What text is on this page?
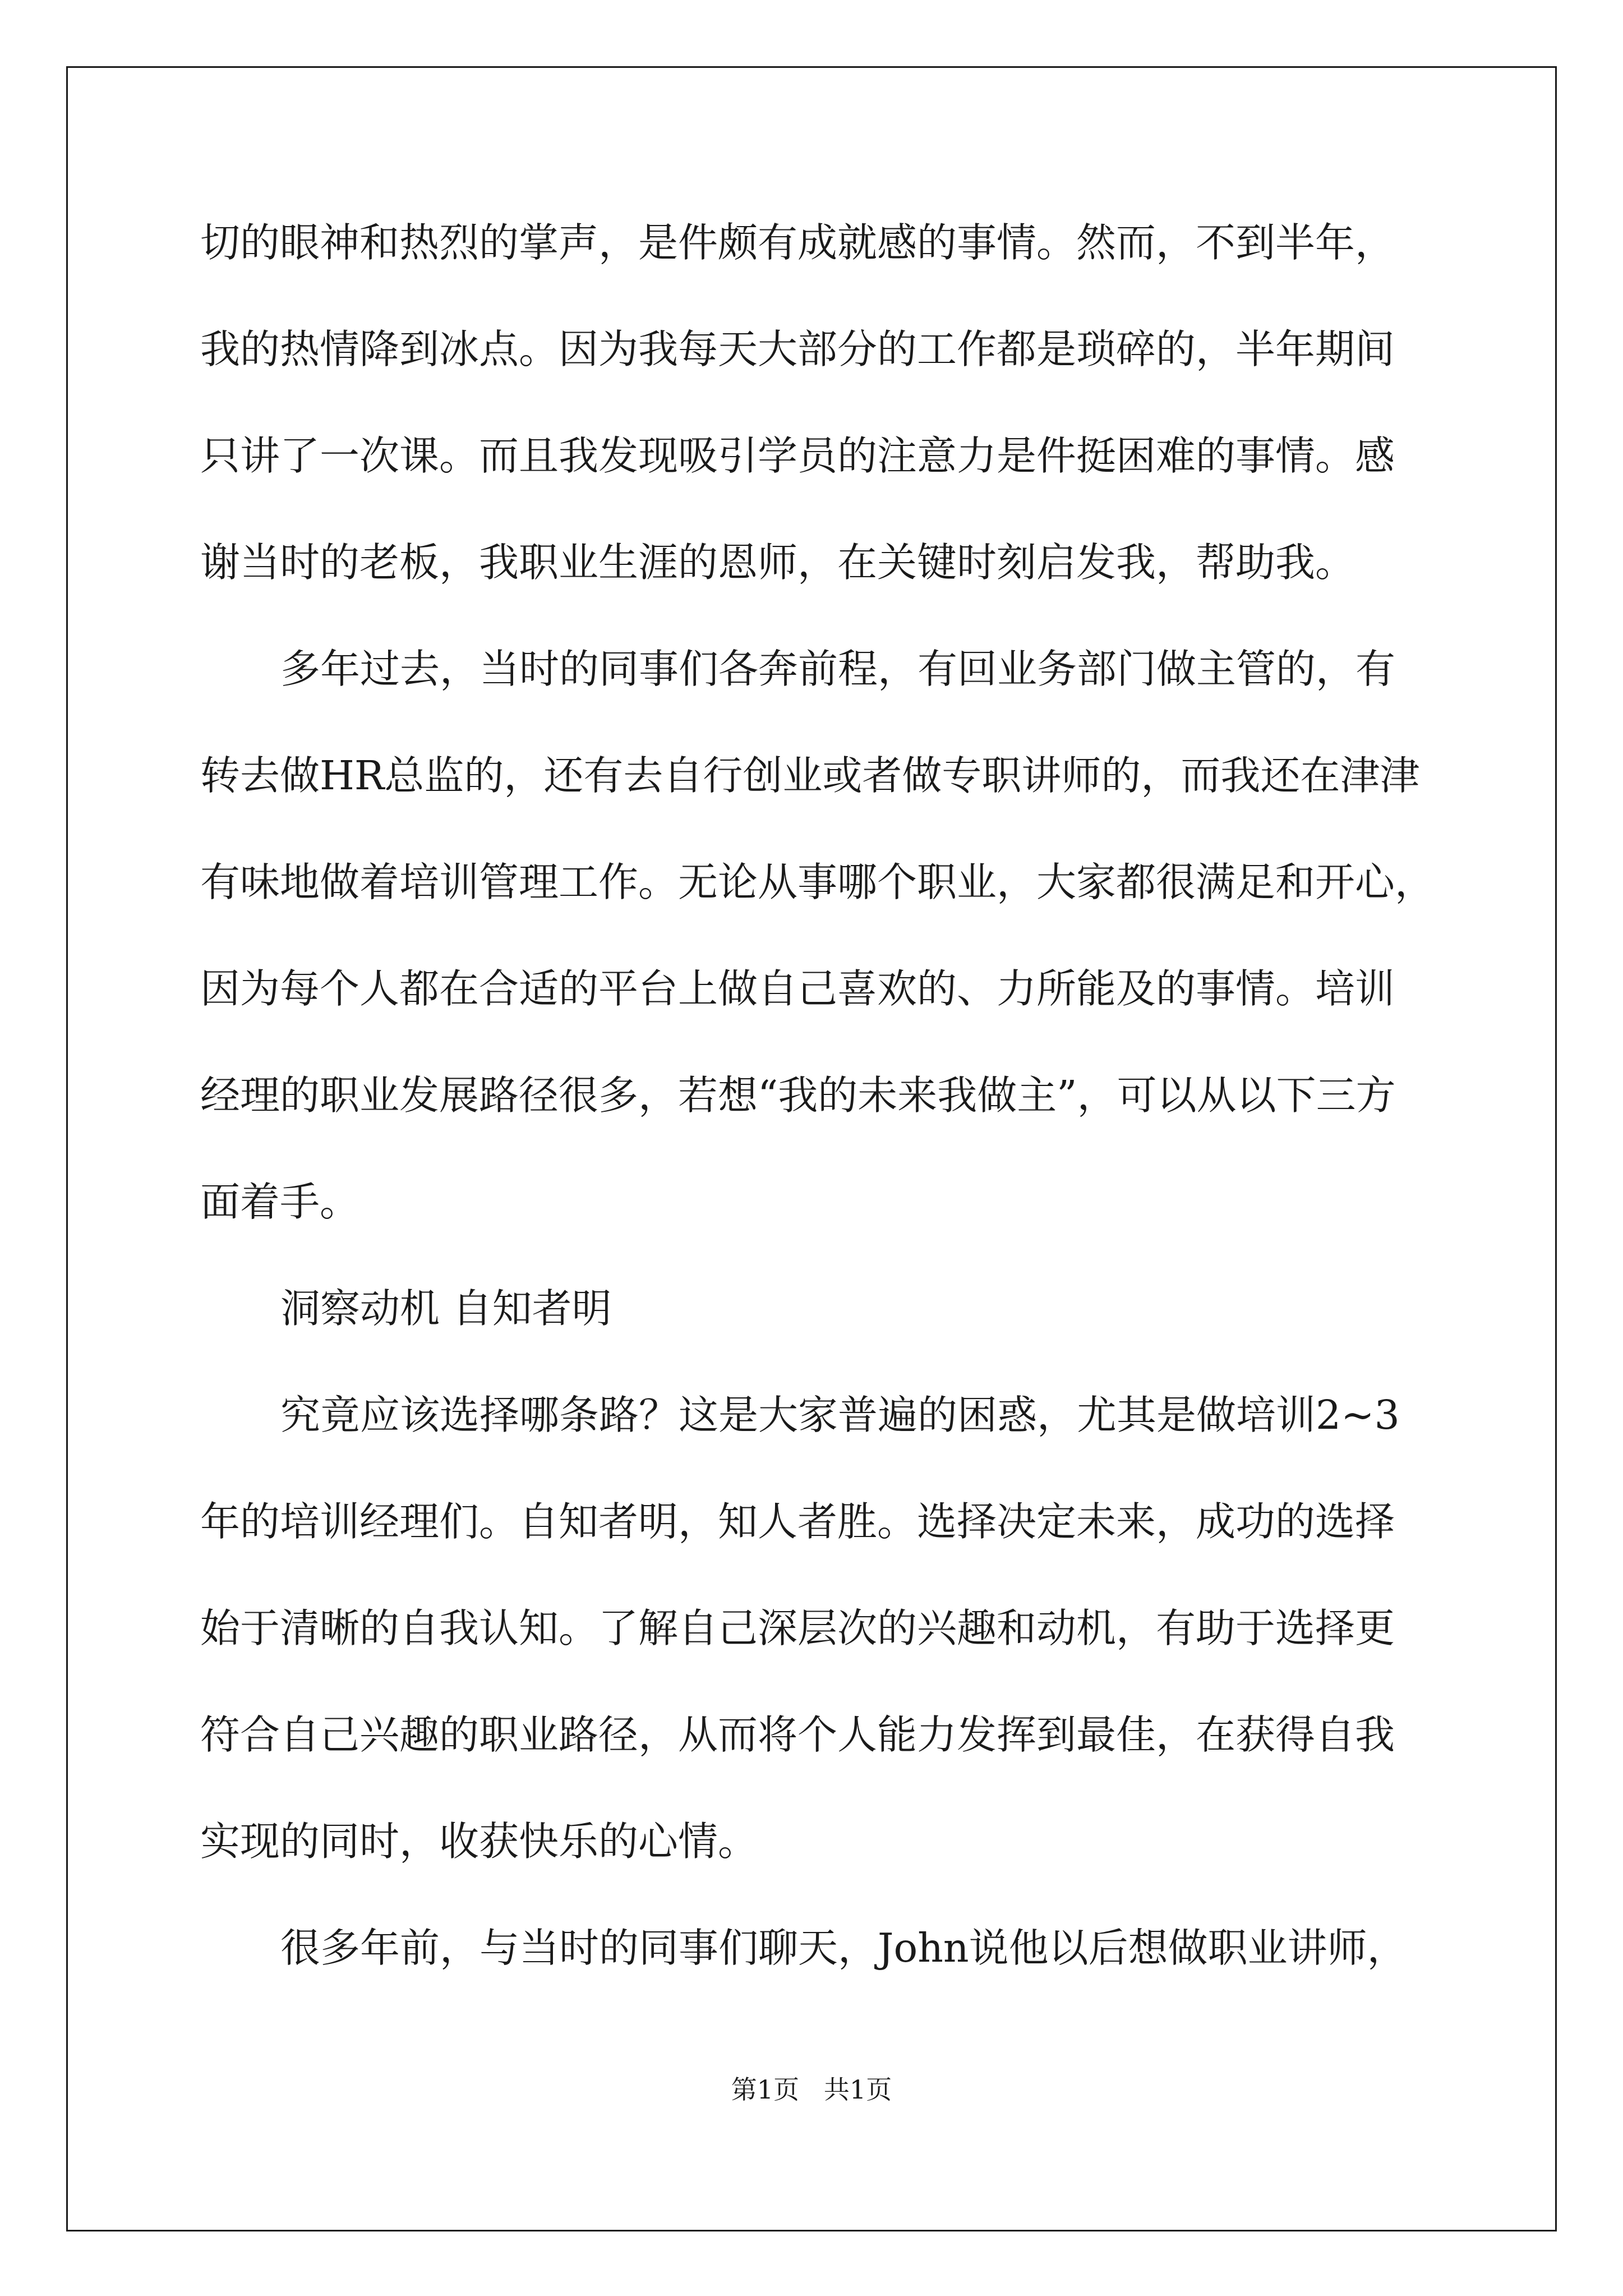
切的眼神和热烈的掌声，是件颇有成就感的事情。然而，不到半年，

我的热情降到冰点。因为我每天大部分的工作都是琐碎的，半年期间

只讲了一次课。而且我发现吸引学员的注意力是件挺困难的事情。感

谢当时的老板，我职业生涯的恩师，在关键时刻启发我，帮助我。

多年过去，当时的同事们各奔前程，有回业务部门做主管的，有

转去做HR总监的，还有去自行创业或者做专职讲师的，而我还在津津

有味地做着培训管理工作。无论从事哪个职业，大家都很满足和开心，

因为每个人都在合适的平台上做自己喜欢的、力所能及的事情。培训

经理的职业发展路径很多，若想“我的未来我做主”，可以从以下三方

面着手。

洞察动机 自知者明

究竟应该选择哪条路？这是大家普遍的困惑，尤其是做培训2~3

年的培训经理们。自知者明，知人者胜。选择决定未来，成功的选择

始于清晰的自我认知。了解自己深层次的兴趣和动机，有助于选择更

符合自己兴趣的职业路径，从而将个人能力发挥到最佳，在获得自我

实现的同时，收获快乐的心情。

很多年前，与当时的同事们聊天，John说他以后想做职业讲师，

第1页   共1页
